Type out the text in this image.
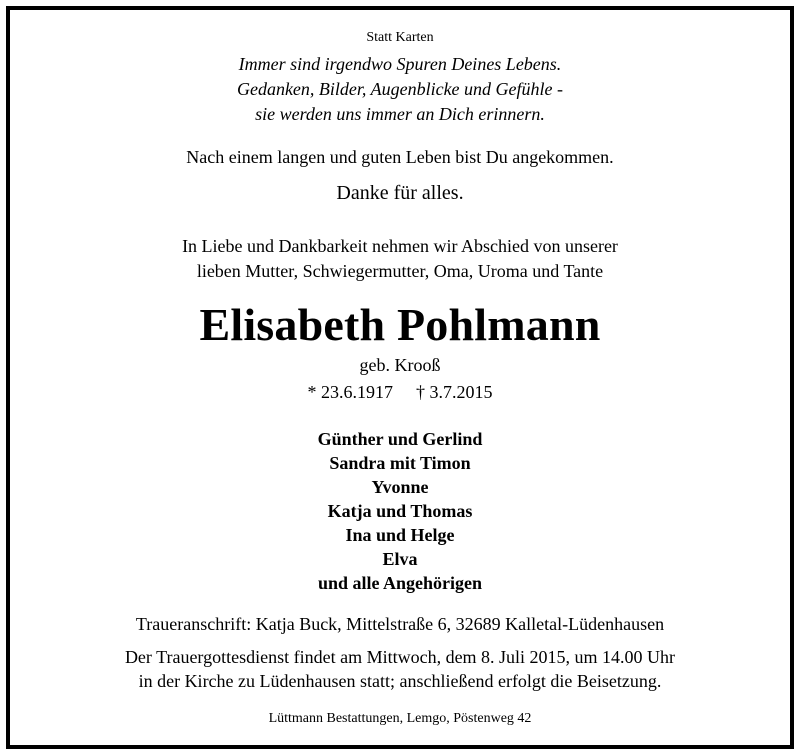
Statt Karten
Immer sind irgendwo Spuren Deines Lebens.
Gedanken, Bilder, Augenblicke und Gefühle -
sie werden uns immer an Dich erinnern.
Nach einem langen und guten Leben bist Du angekommen.
Danke für alles.
In Liebe und Dankbarkeit nehmen wir Abschied von unserer
lieben Mutter, Schwiegermutter, Oma, Uroma und Tante
Elisabeth Pohlmann
geb. Krooß
* 23.6.1917 † 3.7.2015
Günther und Gerlind
Sandra mit Timon
Yvonne
Katja und Thomas
Ina und Helge
Elva
und alle Angehörigen
Traueranschrift: Katja Buck, Mittelstraße 6, 32689 Kalletal-Lüdenhausen
Der Trauergottesdienst findet am Mittwoch, dem 8. Juli 2015, um 14.00 Uhr
in der Kirche zu Lüdenhausen statt; anschließend erfolgt die Beisetzung.
Lüttmann Bestattungen, Lemgo, Pöstenweg 42
